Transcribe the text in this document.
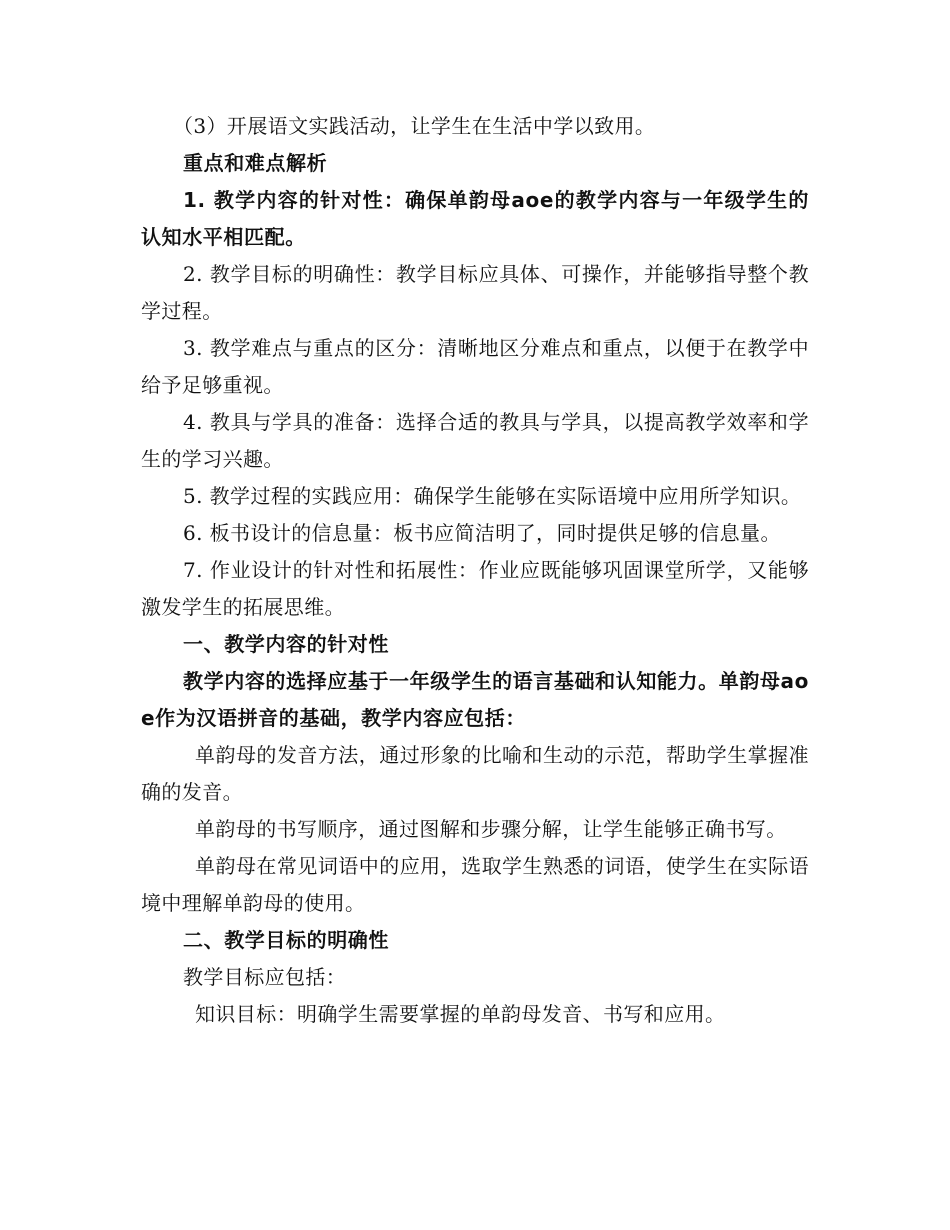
（3）开展语文实践活动，让学生在生活中学以致用。

重点和难点解析

1. 教学内容的针对性：确保单韵母aoe的教学内容与一年级学生的认知水平相匹配。

2. 教学目标的明确性：教学目标应具体、可操作，并能够指导整个教学过程。

3. 教学难点与重点的区分：清晰地区分难点和重点，以便于在教学中给予足够重视。

4. 教具与学具的准备：选择合适的教具与学具，以提高教学效率和学生的学习兴趣。

5. 教学过程的实践应用：确保学生能够在实际语境中应用所学知识。

6. 板书设计的信息量：板书应简洁明了，同时提供足够的信息量。

7. 作业设计的针对性和拓展性：作业应既能够巩固课堂所学，又能够激发学生的拓展思维。

一、教学内容的针对性

教学内容的选择应基于一年级学生的语言基础和认知能力。单韵母aoe作为汉语拼音的基础，教学内容应包括：

单韵母的发音方法，通过形象的比喻和生动的示范，帮助学生掌握准确的发音。

单韵母的书写顺序，通过图解和步骤分解，让学生能够正确书写。

单韵母在常见词语中的应用，选取学生熟悉的词语，使学生在实际语境中理解单韵母的使用。

二、教学目标的明确性

教学目标应包括：

知识目标：明确学生需要掌握的单韵母发音、书写和应用。
